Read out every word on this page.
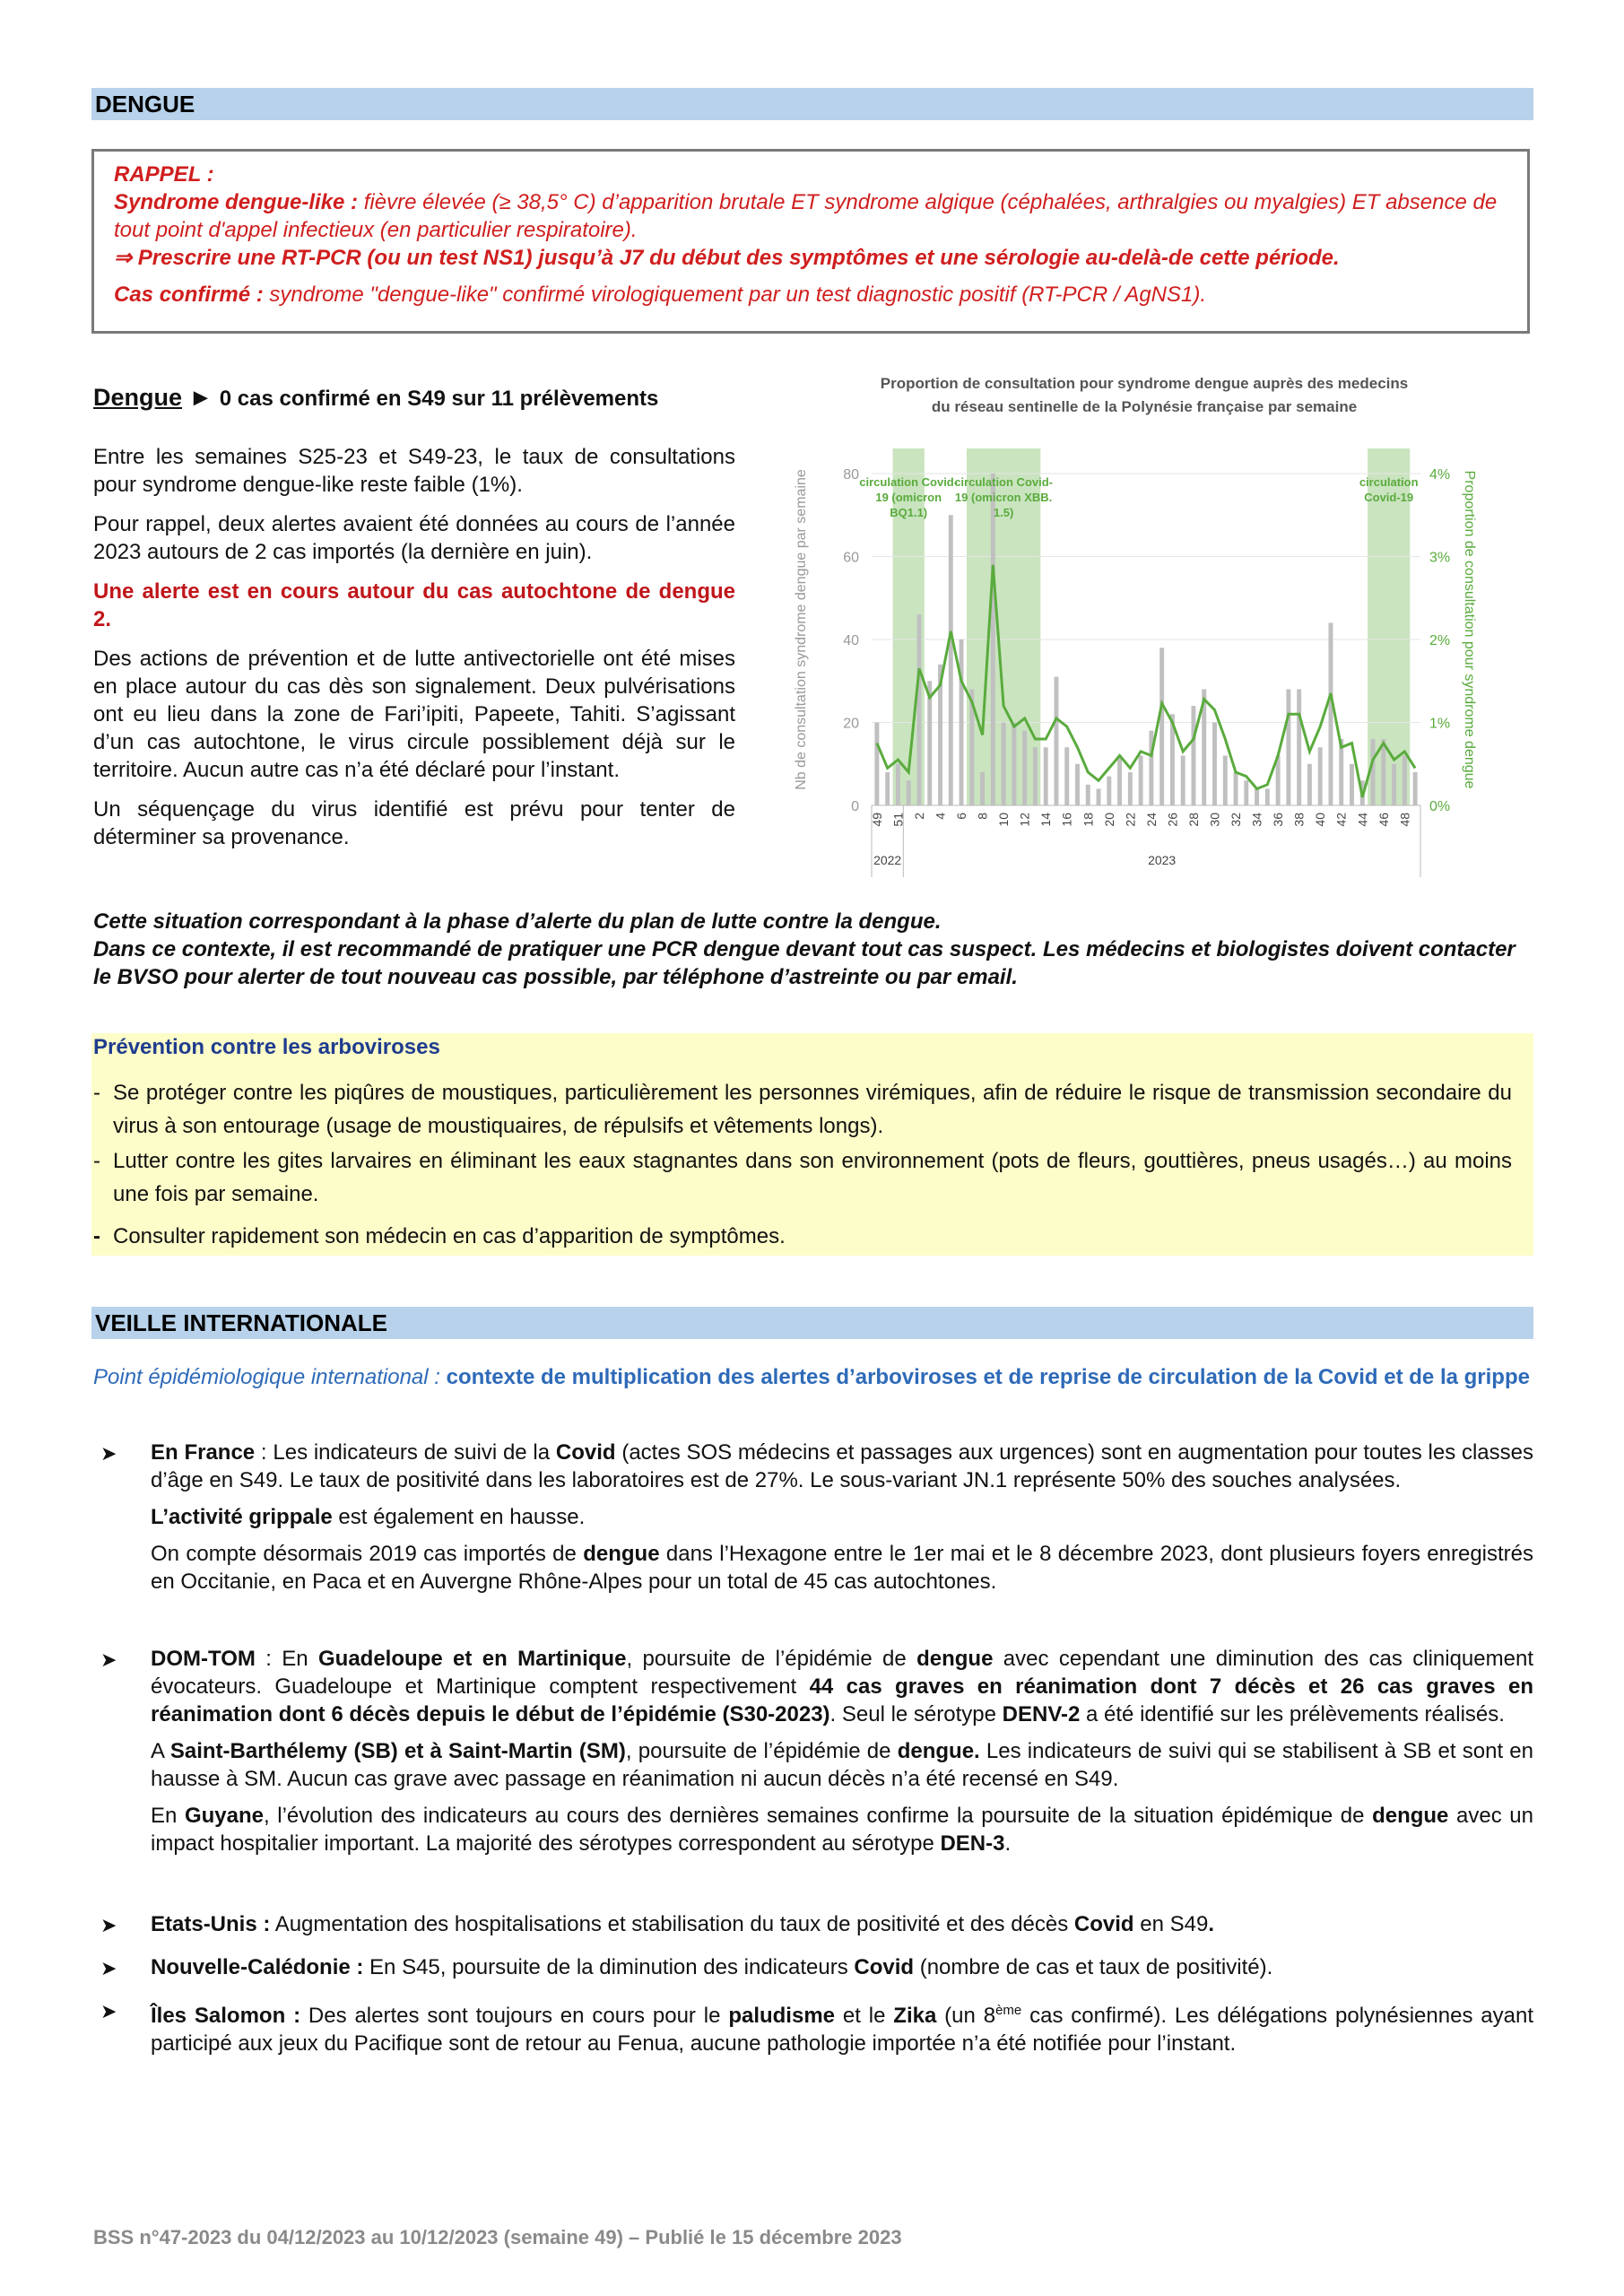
DENGUE

RAPPEL :

Syndrome dengue-like : fièvre élevée (≥ 38,5° C) d’apparition brutale ET syndrome algique (céphalées, arthralgies ou myalgies) ET absence de tout point d'appel infectieux (en particulier respiratoire).

⇒ Prescrire une RT-PCR (ou un test NS1) jusqu’à J7 du début des symptômes et une sérologie au-delà-de cette période.

Cas confirmé : syndrome "dengue-like" confirmé virologiquement par un test diagnostic positif (RT-PCR / AgNS1).

Dengue ► 0 cas confirmé en S49 sur 11 prélèvements

Entre les semaines S25-23 et S49-23, le taux de consultations pour syndrome dengue-like reste faible (1%).

Pour rappel, deux alertes avaient été données au cours de l’année 2023 autours de 2 cas importés (la dernière en juin).

Une alerte est en cours autour du cas autochtone de dengue 2.

Des actions de prévention et de lutte antivectorielle ont été mises en place autour du cas dès son signalement. Deux pulvérisations ont eu lieu dans la zone de Fari’ipiti, Papeete, Tahiti. S’agissant d’un cas autochtone, le virus circule possiblement déjà sur le territoire. Aucun autre cas n’a été déclaré pour l’instant.

Un séquençage du virus identifié est prévu pour tenter de déterminer sa provenance.

Proportion de consultation pour syndrome dengue auprès des medecins
du réseau sentinelle de la Polynésie française par semaine
circulation Covid-
19 (omicron
BQ1.1)
circulation Covid-
19 (omicron XBB.
1.5)
circulation
Covid-19
0
20
40
60
80
0%
1%
2%
3%
4%
49 51 2 4 6 8 10 12 14 16 18 20 22 24 26 28 30 32 34 36 38 40 42 44 46 48
2022	2023
Nb de consultation syndrome dengue par semaine	Proportion de consultation pour syndrome dengue

Cette situation correspondant à la phase d’alerte du plan de lutte contre la dengue.

Dans ce contexte, il est recommandé de pratiquer une PCR dengue devant tout cas suspect. Les médecins et biologistes doivent contacter le BVSO pour alerter de tout nouveau cas possible, par téléphone d’astreinte ou par email.

Prévention contre les arboviroses
- Se protéger contre les piqûres de moustiques, particulièrement les personnes virémiques, afin de réduire le risque de transmission secondaire du virus à son entourage (usage de moustiquaires, de répulsifs et vêtements longs).
- Lutter contre les gites larvaires en éliminant les eaux stagnantes dans son environnement (pots de fleurs, gouttières, pneus usagés…) au moins une fois par semaine.
- Consulter rapidement son médecin en cas d’apparition de symptômes.
VEILLE INTERNATIONALE
Point épidémiologique international : contexte de multiplication des alertes d’arboviroses et de reprise de circulation de la Covid et de la grippe
➤ En France : Les indicateurs de suivi de la Covid (actes SOS médecins et passages aux urgences) sont en augmentation pour toutes les classes d’âge en S49. Le taux de positivité dans les laboratoires est de 27%. Le sous-variant JN.1 représente 50% des souches analysées.

L’activité grippale est également en hausse.

On compte désormais 2019 cas importés de dengue dans l’Hexagone entre le 1er mai et le 8 décembre 2023, dont plusieurs foyers enregistrés en Occitanie, en Paca et en Auvergne Rhône-Alpes pour un total de 45 cas autochtones.

➤ DOM-TOM : En Guadeloupe et en Martinique, poursuite de l’épidémie de dengue avec cependant une diminution des cas cliniquement évocateurs. Guadeloupe et Martinique comptent respectivement 44 cas graves en réanimation dont 7 décès et 26 cas graves en réanimation dont 6 décès depuis le début de l’épidémie (S30-2023). Seul le sérotype DENV-2 a été identifié sur les prélèvements réalisés.

A Saint-Barthélemy (SB) et à Saint-Martin (SM), poursuite de l’épidémie de dengue. Les indicateurs de suivi qui se stabilisent à SB et sont en hausse à SM. Aucun cas grave avec passage en réanimation ni aucun décès n’a été recensé en S49.

En Guyane, l’évolution des indicateurs au cours des dernières semaines confirme la poursuite de la situation épidémique de dengue avec un impact hospitalier important. La majorité des sérotypes correspondent au sérotype DEN-3.

➤ Etats-Unis : Augmentation des hospitalisations et stabilisation du taux de positivité et des décès Covid en S49.

➤ Nouvelle-Calédonie : En S45, poursuite de la diminution des indicateurs Covid (nombre de cas et taux de positivité).

➤ Îles Salomon : Des alertes sont toujours en cours pour le paludisme et le Zika (un 8ème cas confirmé). Les délégations polynésiennes ayant participé aux jeux du Pacifique sont de retour au Fenua, aucune pathologie importée n’a été notifiée pour l’instant.

BSS n°47-2023 du 04/12/2023 au 10/12/2023 (semaine 49) – Publié le 15 décembre 2023
